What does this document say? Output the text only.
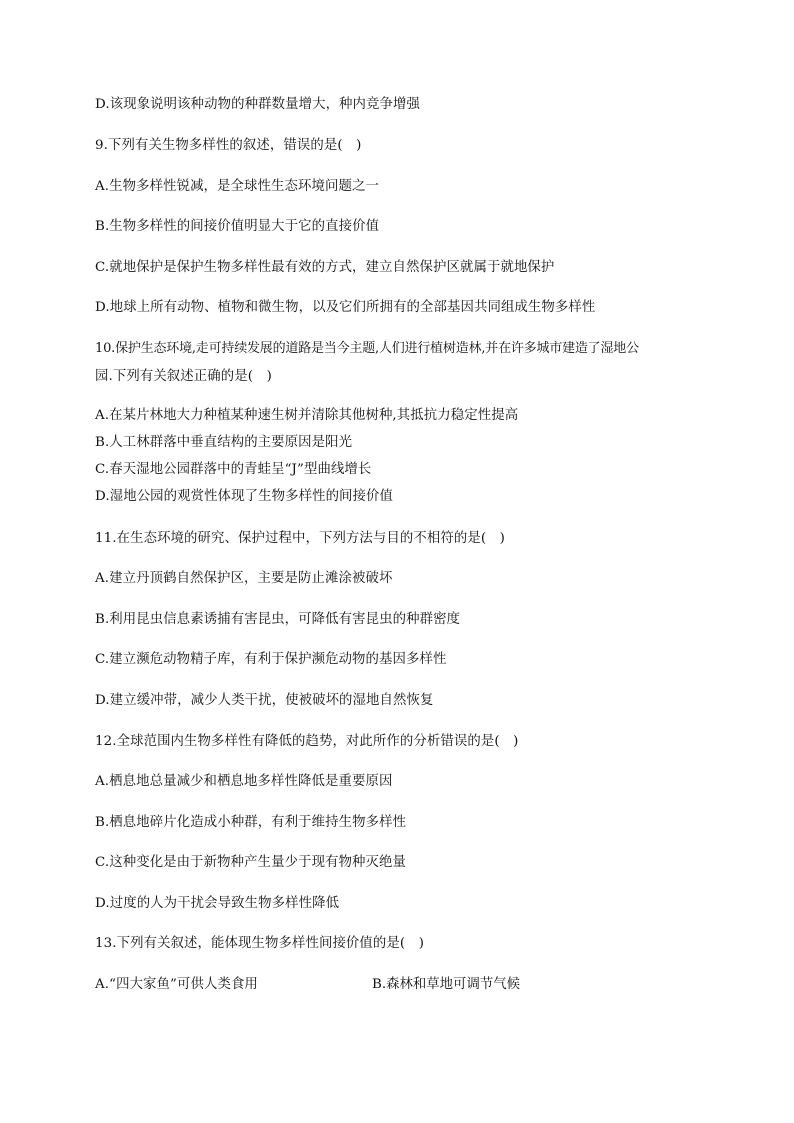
D.该现象说明该种动物的种群数量增大，种内竞争增强
9.下列有关生物多样性的叙述，错误的是(　)
A.生物多样性锐减，是全球性生态环境问题之一
B.生物多样性的间接价值明显大于它的直接价值
C.就地保护是保护生物多样性最有效的方式，建立自然保护区就属于就地保护
D.地球上所有动物、植物和微生物，以及它们所拥有的全部基因共同组成生物多样性
10.保护生态环境,走可持续发展的道路是当今主题,人们进行植树造林,并在许多城市建造了湿地公
园.下列有关叙述正确的是(　)
A.在某片林地大力种植某种速生树并清除其他树种,其抵抗力稳定性提高
B.人工林群落中垂直结构的主要原因是阳光
C.春天湿地公园群落中的青蛙呈“J”型曲线增长
D.湿地公园的观赏性体现了生物多样性的间接价值
11.在生态环境的研究、保护过程中，下列方法与目的不相符的是(　)
A.建立丹顶鹤自然保护区，主要是防止滩涂被破坏
B.利用昆虫信息素诱捕有害昆虫，可降低有害昆虫的种群密度
C.建立濒危动物精子库，有利于保护濒危动物的基因多样性
D.建立缓冲带，减少人类干扰，使被破坏的湿地自然恢复
12.全球范围内生物多样性有降低的趋势，对此所作的分析错误的是(　)
A.栖息地总量减少和栖息地多样性降低是重要原因
B.栖息地碎片化造成小种群，有利于维持生物多样性
C.这种变化是由于新物种产生量少于现有物种灭绝量
D.过度的人为干扰会导致生物多样性降低
13.下列有关叙述，能体现生物多样性间接价值的是(　)
A.“四大家鱼”可供人类食用	B.森林和草地可调节气候
